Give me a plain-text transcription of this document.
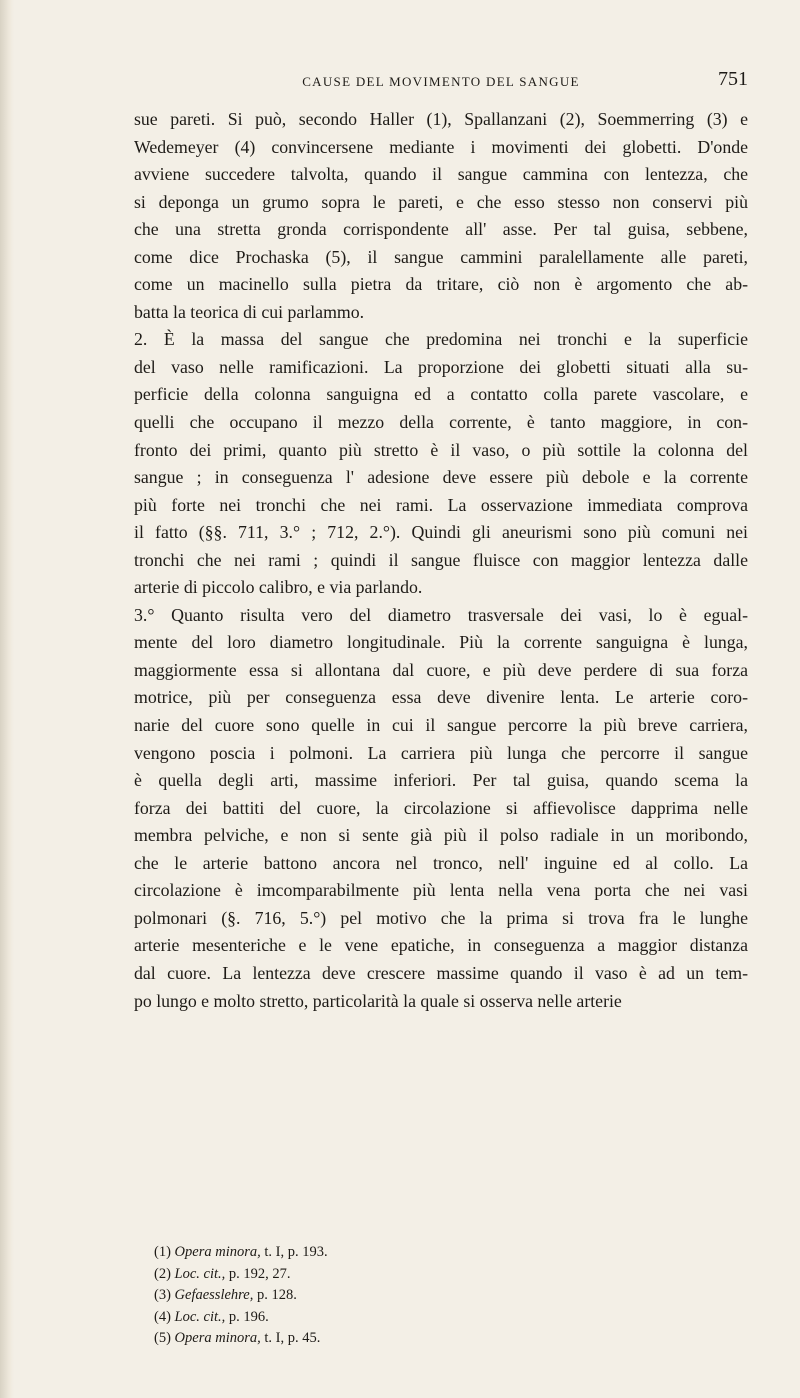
CAUSE DEL MOVIMENTO DEL SANGUE	751
sue pareti. Si può, secondo Haller (1), Spallanzani (2), Soemmerring (3) e
Wedemeyer (4) convincersene mediante i movimenti dei globetti. D'onde
avviene succedere talvolta, quando il sangue cammina con lentezza, che
si deponga un grumo sopra le pareti, e che esso stesso non conservi più
che una stretta gronda corrispondente all' asse. Per tal guisa, sebbene,
come dice Prochaska (5), il sangue cammini paralellamente alle pareti,
come un macinello sulla pietra da tritare, ciò non è argomento che ab-
batta la teorica di cui parlammo.
2. È la massa del sangue che predomina nei tronchi e la superficie
del vaso nelle ramificazioni. La proporzione dei globetti situati alla su-
perficie della colonna sanguigna ed a contatto colla parete vascolare, e
quelli che occupano il mezzo della corrente, è tanto maggiore, in con-
fronto dei primi, quanto più stretto è il vaso, o più sottile la colonna del
sangue ; in conseguenza l' adesione deve essere più debole e la corrente
più forte nei tronchi che nei rami. La osservazione immediata comprova
il fatto (§§. 711, 3.° ; 712, 2.°). Quindi gli aneurismi sono più comuni nei
tronchi che nei rami ; quindi il sangue fluisce con maggior lentezza dalle
arterie di piccolo calibro, e via parlando.
3.° Quanto risulta vero del diametro trasversale dei vasi, lo è egual-
mente del loro diametro longitudinale. Più la corrente sanguigna è lunga,
maggiormente essa si allontana dal cuore, e più deve perdere di sua forza
motrice, più per conseguenza essa deve divenire lenta. Le arterie coro-
narie del cuore sono quelle in cui il sangue percorre la più breve carriera,
vengono poscia i polmoni. La carriera più lunga che percorre il sangue
è quella degli arti, massime inferiori. Per tal guisa, quando scema la
forza dei battiti del cuore, la circolazione si affievolisce dapprima nelle
membra pelviche, e non si sente già più il polso radiale in un moribondo,
che le arterie battono ancora nel tronco, nell' inguine ed al collo. La
circolazione è imcomparabilmente più lenta nella vena porta che nei vasi
polmonari (§. 716, 5.°) pel motivo che la prima si trova fra le lunghe
arterie mesenteriche e le vene epatiche, in conseguenza a maggior distanza
dal cuore. La lentezza deve crescere massime quando il vaso è ad un tem-
po lungo e molto stretto, particolarità la quale si osserva nelle arterie
(1) Opera minora, t. I, p. 193.
(2) Loc. cit., p. 192, 27.
(3) Gefaesslehre, p. 128.
(4) Loc. cit., p. 196.
(5) Opera minora, t. I, p. 45.
